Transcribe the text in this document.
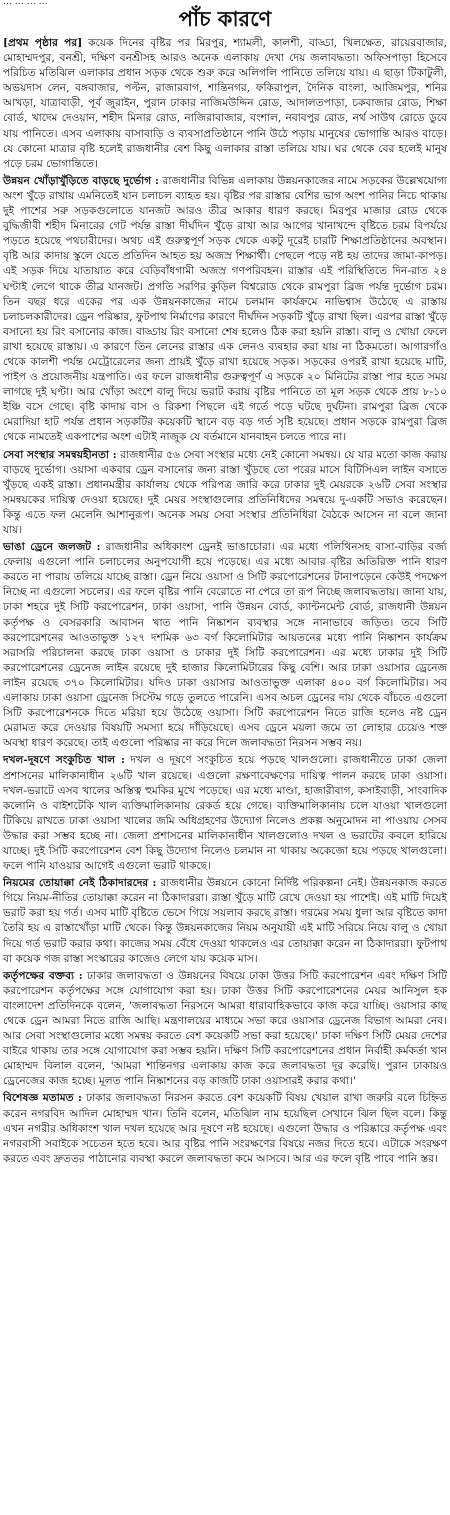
… … … …
পাঁচ কারণে

[প্রথম পৃষ্ঠার পর] কয়েক দিনের বৃষ্টির পর মিরপুর, শ্যামলী, কালশী, বাড্ডা, খিলক্ষেত, রায়েরবাজার, মোহাম্মদপুর, বনশ্রী, দক্ষিণ বনশ্রীসহ আরও অনেক এলাকায় দেখা দেয় জলাবদ্ধতা। অফিসপাড়া হিসেবে পরিচিত মতিঝিল এলাকার প্রধান সড়ক থেকে শুরু করে অলিগলি পানিতে তলিয়ে যায়। এ ছাড়া টিকাটুলী, অভয়দাস লেন, বঙ্গবাজার, পল্টন, রাজারবাগ, শান্তিনগর, ফকিরাপুল, দৈনিক বাংলা, আজিমপুর, শনির আখড়া, যাত্রাবাড়ী, পূর্ব জুরাইন, পুরান ঢাকার নাজিমউদ্দিন রোড, আদালতপাড়া, চকবাজার রোড, শিক্ষা বোর্ড, খাদেম দেওয়ান, শহীদ মিনার রোড, নাজিরাবাজার, বংশাল, নবাবপুর রোড, নর্থ সাউথ রোডে ডুবে যায় পানিতে। এসব এলাকায় বাসাবাড়ি ও ব্যবসাপ্রতিষ্ঠানে পানি উঠে পড়ায় মানুষের ভোগান্তি আরও বাড়ে। যে কোনো মাত্রার বৃষ্টি হলেই রাজধানীর বেশ কিছু এলাকার রাস্তা তলিয়ে যায়। ঘর থেকে বের হলেই মানুষ পড়ে চরম ভোগান্তিতে।

উন্নয়ন খোঁড়াখুঁড়িতে বাড়ছে দুর্ভোগ : রাজধানীর বিভিন্ন এলাকায় উন্নয়নকাজের নামে সড়কের উল্লেখযোগ্য অংশ খুঁড়ে রাখায় এমনিতেই যান চলাচল ব্যাহত হয়। বৃষ্টির পর রাস্তার বেশির ভাগ অংশ পানির নিচে থাকায় দুই পাশের সরু সড়কগুলোতে যানজট আরও তীব্র আকার ধারণ করছে। মিরপুর মাজার রোড থেকে বুদ্ধিজীবী শহীদ মিনারের গেট পর্যন্ত রাস্তা দীর্ঘদিন খুঁড়ে রাখা আর আগের খানাখন্দে বৃষ্টিতে চরম বিপর্যয়ে পড়তে হয়েছে পথচারীদের। অথচ এই গুরুত্বপূর্ণ সড়ক থেকে একটু দূরেই চারটি শিক্ষাপ্রতিষ্ঠানের অবস্থান। বৃষ্টি আর কাদায় স্কুলে যেতে প্রতিদিন আহত হয় অজস্র শিক্ষার্থী। পেছলে পড়ে নষ্ট হয় তাদের জামা-কাপড়। এই সড়ক দিয়ে যাতায়াত করে বেড়িবাঁধগামী অজস্র গণপরিবহন। রাস্তার এই পরিস্থিতিতে দিন-রাত ২৪ ঘণ্টাই লেগে থাকে তীব্র যানজট। প্রগতি সরণির কুড়িল বিশ্বরোড থেকে রামপুরা ব্রিজ পর্যন্ত দুর্ভোগ চরম। তিন বছর ধরে একের পর এক উন্নয়নকাজের নামে চলমান কার্যক্রমে নাভিশ্বাস উঠেছে এ রাস্তায় চলাচলকারীদের। ড্রেন পরিষ্কার, ফুটপাথ নির্মাণের কারণে দীর্ঘদিন সড়কটি খুঁড়ে রাখা ছিল। এরপর রাস্তা খুঁড়ে বসানো হয় রিং বসানোর কাজ। বাড্ডায় রিং বসানো শেষ হলেও ঠিক করা হয়নি রাস্তা। বালু ও খোয়া ফেলে রাখা হয়েছে রাস্তায়। এ কারণে তিন লেনের রাস্তার এক লেনও ব্যবহার করা যায় না ঠিকমতো। আগারগাঁও থেকে কালশী পর্যন্ত মেট্রোরেলের জন্য প্রায়ই খুঁড়ে রাখা হয়েছে সড়ক। সড়কের ওপরই রাখা হয়েছে মাটি, পাইপ ও প্রয়োজনীয় যন্ত্রপাতি। এর ফলে রাজধানীর গুরুত্বপূর্ণ এ সড়কে ২০ মিনিটের রাস্তা পার হতে সময় লাগছে দুই ঘণ্টা। আর খোঁড়া অংশে বালু দিয়ে ভরাট করায় বৃষ্টির পানিতে তা মূল সড়ক থেকে প্রায় ৮-১০ ইঞ্চি বসে গেছে। বৃষ্টি কাদায় বাস ও রিকশা পিছলে এই গর্তে পড়ে ঘটছে দুর্ঘটনা। রামপুরা ব্রিজ থেকে মেরাদিয়া হাট পর্যন্ত প্রধান সড়কটির কয়েকটি স্থানে বড় বড় গর্ত সৃষ্টি হয়েছে। প্রধান সড়কে রামপুরা ব্রিজ থেকে নামতেই একপাশের অংশ এটাই নাজুক যে বর্তমানে যানবাহন চলতে পারে না।

সেবা সংস্থার সমন্বয়হীনতা : রাজধানীর ৫৬ সেবা সংস্থার মধ্যে নেই কোনো সমন্বয়। যে যার মতো কাজ করায় বাড়ছে দুর্ভোগ। ওয়াসা একবার ড্রেন বসানোর জন্য রাস্তা খুঁড়ছে তো পরের মাসে বিটিসিএল লাইন বসাতে খুঁড়ছে একই রাস্তা। প্রধানমন্ত্রীর কার্যালয় থেকে পরিপত্র জারি করে ঢাকার দুই মেয়রকে ২৬টি সেবা সংস্থার সমন্বয়কের দায়িত্ব দেওয়া হয়েছে। দুই মেয়র সংস্থাগুলোর প্রতিনিধিদের সমন্বয়ে দু-একটি সভাও করেছেন। কিন্তু এতে ফল মেলেনি আশানুরূপ। অনেক সময় সেবা সংস্থার প্রতিনিধিরা বৈঠকে আসেন না বলে জানা যায়।

ভাঙা ড্রেনে জলজট : রাজধানীর অধিকাংশ ড্রেনই ভাঙাচোরা। এর মধ্যে পলিথিনসহ বাসা-বাড়ির বর্জ্য ফেলায় এগুলো পানি চলাচলের অনুপযোগী হয়ে পড়েছে। এর মধ্যে আবার বৃষ্টির অতিরিক্ত পানি ধারণ করতে না পারায় তলিয়ে যাচ্ছে রাস্তা। ড্রেন নিয়ে ওয়াসা ও সিটি করপোরেশনের টানাপড়েনে কেউই পদক্ষেপ নিচ্ছে না এগুলো সচলের। এর ফলে বৃষ্টির পানি বেরোতে না পেরে তা রূপ নিচ্ছে জলাবদ্ধতায়। জানা যায়, ঢাকা শহরে দুই সিটি করপোরেশন, ঢাকা ওয়াসা, পানি উন্নয়ন বোর্ড, ক্যান্টনমেন্ট বোর্ড, রাজধানী উন্নয়ন কর্তৃপক্ষ ও বেসরকারি আবাসন খাত পানি নিষ্কাশন ব্যবস্থার সঙ্গে নানাভাবে জড়িত। তবে সিটি করপোরেশনের আওতাভুক্ত ১২৭ দশমিক ৬৩ বর্গ কিলোমিটার আয়তনের মধ্যে পানি নিষ্কাশন কার্যক্রম সরাসরি পরিচালনা করছে ঢাকা ওয়াসা ও ঢাকার দুই সিটি করপোরেশন। এর মধ্যে ঢাকার দুই সিটি করপোরেশনের ড্রেনেজ লাইন রয়েছে দুই হাজার কিলোমিটারের কিছু বেশি। আর ঢাকা ওয়াসার ড্রেনেজ লাইন রয়েছে ৩৭০ কিলোমিটার। যদিও ঢাকা ওয়াসার আওতাভুক্ত এলাকা ৪০০ বর্গ কিলোমিটার। সব এলাকায় ঢাকা ওয়াসা ড্রেনেজ সিস্টেম গড়ে তুলতে পারেনি। এসব অচল ড্রেনের দায় থেকে বাঁচতে এগুলো সিটি করপোরেশনকে দিতে মরিয়া হয়ে উঠেছে ওয়াসা। সিটি করপোরেশন নিতে রাজি হলেও নষ্ট ড্রেন মেরামত করে দেওয়ার বিষয়টি সমস্যা হয়ে দাঁড়িয়েছে। এসব ড্রেনে ময়লা জমে তা লোহার চেয়েও শক্ত অবস্থা ধারণ করেছে। তাই এগুলো পরিষ্কার না করে দিলে জলাবদ্ধতা নিরসন সম্ভব নয়।

দখল-দূষণে সংকুচিত খাল : দখল ও দূষণে সংকুচিত হয়ে পড়ছে খালগুলো। রাজধানীতে ঢাকা জেলা প্রশাসনের মালিকানাধীন ২৬টি খাল রয়েছে। এগুলো রক্ষণাবেক্ষণের দায়িত্ব পালন করছে ঢাকা ওয়াসা। দখল-ভরাটে এসব খালের অস্তিত্ব হুমকির মুখে পড়েছে। এর মধ্যে মাণ্ডা, হাজারীবাগ, কসাইবাড়ী, সাংবাদিক কলোনি ও বাইশটেকি খাল ব্যক্তিমালিকানায় রেকর্ড হয়ে গেছে। ব্যক্তিমালিকানায় চলে যাওয়া খালগুলো টিকিয়ে রাখতে ঢাকা ওয়াসা খালের জমি অধিগ্রহণের উদ্যোগ নিলেও প্রকল্প অনুমোদন না পাওয়ায় সেসব উদ্ধার করা সম্ভব হচ্ছে না। জেলা প্রশাসনের মালিকানাধীন খালগুলোও দখল ও ভরাটের কবলে হারিয়ে যাচ্ছে। দুই সিটি করপোরেশন বেশ কিছু উদ্যোগ নিলেও চলমান না থাকায় অকেজো হয়ে পড়ছে খালগুলো। ফলে পানি যাওয়ার আগেই এগুলো ভরাট থাকছে।

নিয়মের তোয়াক্কা নেই ঠিকাদারদের : রাজধানীর উন্নয়নে কোনো নির্দিষ্ট পরিকল্পনা নেই। উন্নয়নকাজ করতে গিয়ে নিয়ম-নীতির তোয়াক্কা করেন না ঠিকাদাররা। রাস্তা খুঁড়ে মাটি রেখে দেওয়া হয় পাশেই। এই মাটি দিয়েই ভরাট করা হয় গর্ত। এসব মাটি বৃষ্টিতে ভেসে গিয়ে সয়লাব করছে রাস্তা। গরমের সময় ধুলা আর বৃষ্টিতে কাদা তৈরি হয় এ রাস্তাখোঁড়া মাটি থেকে। কিন্তু উন্নয়নকাজের নিয়ম অনুযায়ী এই মাটি সরিয়ে নিয়ে বালু ও খোয়া দিয়ে গর্ত ভরাট করার কথা। কাজের সময় বেঁধে দেওয়া থাকলেও এর তোয়াক্কা করেন না ঠিকাদাররা। ফুটপাথ বা কয়েক গজ রাস্তা সংস্কারের কাজেও লেগে যায় কয়েক মাস।

কর্তৃপক্ষের বক্তব্য : ঢাকার জলাবদ্ধতা ও উন্নয়নের বিষয়ে ঢাকা উত্তর সিটি করপোরেশন এবং দক্ষিণ সিটি করপোরেশন কর্তৃপক্ষের সঙ্গে যোগাযোগ করা হয়। ঢাকা উত্তর সিটি করপোরেশনের মেয়র আনিসুল হক বাংলাদেশ প্রতিদিনকে বলেন, 'জলাবদ্ধতা নিরসনে আমরা ধারাবাহিকভাবে কাজ করে যাচ্ছি। ওয়াসার কাছ থেকে ড্রেন আমরা নিতে রাজি আছি। মন্ত্রণালয়ের মাধ্যমে সভা করে ওয়াসার ড্রেনেজ বিভাগ আমরা নেব। আর সেবা সংস্থাগুলোর মধ্যে সমন্বয় করতে বেশ কয়েকটি সভা করা হয়েছে।' ঢাকা দক্ষিণ সিটি মেয়র দেশের বাইরে থাকায় তার সঙ্গে যোগাযোগ করা সম্ভব হয়নি। দক্ষিণ সিটি করপোরেশনের প্রধান নির্বাহী কর্মকর্তা খান মোহাম্মদ বিলাল বলেন, 'আমরা শান্তিনগর এলাকায় কাজ করে জলাবদ্ধতা দূর করেছি। পুরান ঢাকায়ও ড্রেনেজের কাজ হচ্ছে। মূলত পানি নিষ্কাশনের বড় কাজটি ঢাকা ওয়াসারই করার কথা।'

বিশেষজ্ঞ মতামত : ঢাকার জলাবদ্ধতা নিরসন করতে বেশ কয়েকটি বিষয় খেয়াল রাখা জরুরি বলে চিহ্নিত করেন নগরবিদ আদিল মোহাম্মদ খান। তিনি বলেন, মতিঝিল নাম হয়েছিল সেখানে ঝিল ছিল বলে। কিন্তু এখন নগরীর অধিকাংশ খাল দখল হয়েছে আর দূষণে নষ্ট হয়েছে। এগুলো উদ্ধার ও পরিষ্কারে কর্তৃপক্ষ এবং নগরবাসী সবাইকে সচেতন হতে হবে। আর বৃষ্টির পানি সংরক্ষণের বিষয়ে নজর দিতে হবে। এটাকে সংরক্ষণ করতে এবং দ্রুততর পাঠানোর ব্যবস্থা করলে জলাবদ্ধতা কমে আসবে। আর এর ফলে বৃষ্টি পাবে পানি স্তর।
